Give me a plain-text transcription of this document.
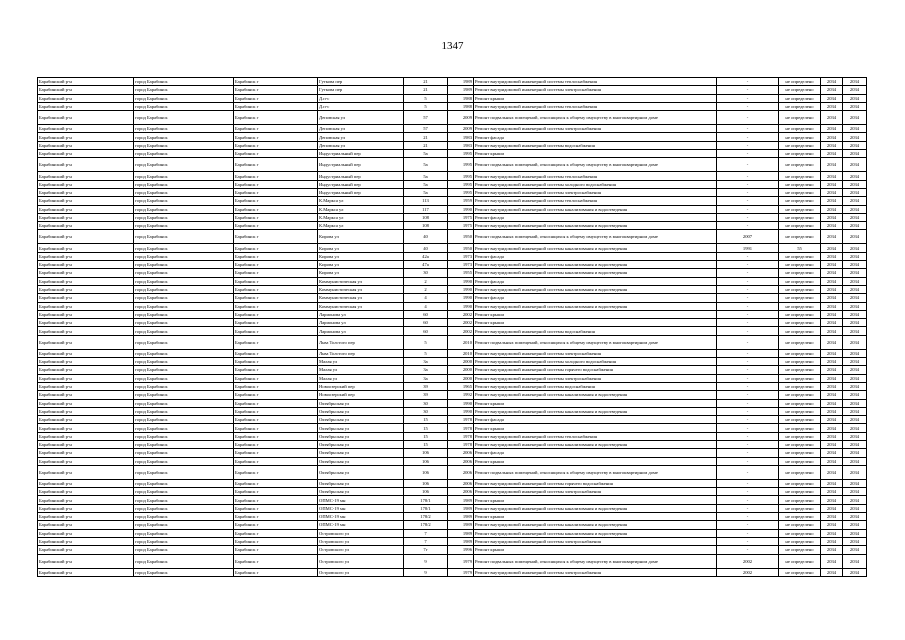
1347
Барабинский р-н	город Барабинск	Барабинск г	Гуткова пер	21	1989	Ремонт внутридомовой инженерной системы теплоснабжения	-	не определено	2034	2034
Барабинский р-н	город Барабинск	Барабинск г	Гуткова пер	21	1989	Ремонт внутридомовой инженерной системы электроснабжения	-	не определено	2034	2034
Барабинский р-н	город Барабинск	Барабинск г	Д.п-с	5	1988	Ремонт крыши	-	не определено	2034	2034
Барабинский р-н	город Барабинск	Барабинск г	Д.п-с	5	1988	Ремонт внутридомовой инженерной системы теплоснабжения	-	не определено	2034	2034
Барабинский р-н	город Барабинск	Барабинск г	Деповская ул	57	2009	Ремонт подвальных помещений, относящихся к общему имуществу в многоквартирном доме	-	не определено	2034	2034
Барабинский р-н	город Барабинск	Барабинск г	Деповская ул	57	2009	Ремонт внутридомовой инженерной системы электроснабжения	-	не определено	2034	2034
Барабинский р-н	город Барабинск	Барабинск г	Деповская ул	21	1983	Ремонт фасада	-	не определено	2034	2034
Барабинский р-н	город Барабинск	Барабинск г	Деповская ул	21	1983	Ремонт внутридомовой инженерной системы водоснабжения	-	не определено	2034	2034
Барабинский р-н	город Барабинск	Барабинск г	Индустриальный пер	5а	1995	Ремонт крыши	-	не определено	2034	2034
Барабинский р-н	город Барабинск	Барабинск г	Индустриальный пер	5а	1995	Ремонт подвальных помещений, относящихся к общему имуществу в многоквартирном доме	-	не определено	2034	2034
Барабинский р-н	город Барабинск	Барабинск г	Индустриальный пер	5а	1995	Ремонт внутридомовой инженерной системы теплоснабжения	-	не определено	2034	2034
Барабинский р-н	город Барабинск	Барабинск г	Индустриальный пер	5а	1995	Ремонт внутридомовой инженерной системы холодного водоснабжения	-	не определено	2034	2034
Барабинский р-н	город Барабинск	Барабинск г	Индустриальный пер	5а	1995	Ремонт внутридомовой инженерной системы электроснабжения	-	не определено	2034	2034
Барабинский р-н	город Барабинск	Барабинск г	К.Маркса ул	113	1959	Ремонт внутридомовой инженерной системы теплоснабжения	-	не определено	2034	2034
Барабинский р-н	город Барабинск	Барабинск г	К.Маркса ул	117	1990	Ремонт внутридомовой инженерной системы канализования и водоотведения	-	не определено	2034	2034
Барабинский р-н	город Барабинск	Барабинск г	К.Маркса ул	108	1975	Ремонт фасада	-	не определено	2034	2034
Барабинский р-н	город Барабинск	Барабинск г	К.Маркса ул	108	1975	Ремонт внутридомовой инженерной системы канализования и водоотведения	-	не определено	2034	2034
Барабинский р-н	город Барабинск	Барабинск г	Кирова ул	40	1950	Ремонт подвальных помещений, относящихся к общему имуществу в многоквартирном доме	2007	не определено	2034	2034
Барабинский р-н	город Барабинск	Барабинск г	Кирова ул	40	1950	Ремонт внутридомовой инженерной системы канализования и водоотведения	1991	55	2034	2034
Барабинский р-н	город Барабинск	Барабинск г	Кирова ул	42а	1973	Ремонт фасада	-	не определено	2034	2034
Барабинский р-н	город Барабинск	Барабинск г	Кирова ул	47а	1973	Ремонт внутридомовой инженерной системы канализования и водоотведения	-	не определено	2034	2034
Барабинский р-н	город Барабинск	Барабинск г	Кирова ул	30	1955	Ремонт внутридомовой инженерной системы канализования и водоотведения	-	не определено	2034	2034
Барабинский р-н	город Барабинск	Барабинск г	Коммунистическая ул	2	1990	Ремонт фасада	-	не определено	2034	2034
Барабинский р-н	город Барабинск	Барабинск г	Коммунистическая ул	2	1990	Ремонт внутридомовой инженерной системы канализования и водоотведения	-	не определено	2034	2034
Барабинский р-н	город Барабинск	Барабинск г	Коммунистическая ул	4	1990	Ремонт фасада	-	не определено	2034	2034
Барабинский р-н	город Барабинск	Барабинск г	Коммунистическая ул	4	1990	Ремонт внутридомовой инженерной системы канализования и водоотведения	-	не определено	2034	2034
Барабинский р-н	город Барабинск	Барабинск г	Ларионова ул	60	2002	Ремонт крыши	-	не определено	2034	2034
Барабинский р-н	город Барабинск	Барабинск г	Ларионова ул	60	2002	Ремонт крыши	-	не определено	2034	2034
Барабинский р-н	город Барабинск	Барабинск г	Ларионова ул	60	2002	Ремонт внутридомовой инженерной системы водоснабжения	-	не определено	2034	2034
Барабинский р-н	город Барабинск	Барабинск г	Льва Толстого пер	5	2010	Ремонт подвальных помещений, относящихся к общему имуществу в многоквартирном доме	-	не определено	2034	2034
Барабинский р-н	город Барабинск	Барабинск г	Льва Толстого пер	5	2010	Ремонт внутридомовой инженерной системы электроснабжения	-	не определено	2034	2034
Барабинский р-н	город Барабинск	Барабинск г	Малая ул	3а	2000	Ремонт внутридомовой инженерной системы холодного водоснабжения	-	не определено	2034	2034
Барабинский р-н	город Барабинск	Барабинск г	Малая ул	3а	2000	Ремонт внутридомовой инженерной системы горячего водоснабжения	-	не определено	2034	2034
Барабинский р-н	город Барабинск	Барабинск г	Малая ул	3а	2000	Ремонт внутридомовой инженерной системы электроснабжения	-	не определено	2034	2034
Барабинский р-н	город Барабинск	Барабинск г	Новоозерский пер	39	1965	Ремонт внутридомовой инженерной системы водоснабжения	-	не определено	2034	2034
Барабинский р-н	город Барабинск	Барабинск г	Новоозерский пер	39	1992	Ремонт внутридомовой инженерной системы канализования и водоотведения	-	не определено	2034	2034
Барабинский р-н	город Барабинск	Барабинск г	Октябрьская ул	30	1990	Ремонт крыши	-	не определено	2034	2034
Барабинский р-н	город Барабинск	Барабинск г	Октябрьская ул	30	1990	Ремонт внутридомовой инженерной системы канализования и водоотведения	-	не определено	2034	2034
Барабинский р-н	город Барабинск	Барабинск г	Октябрьская ул	15	1978	Ремонт фасада	-	не определено	2034	2034
Барабинский р-н	город Барабинск	Барабинск г	Октябрьская ул	15	1978	Ремонт крыши	-	не определено	2034	2034
Барабинский р-н	город Барабинск	Барабинск г	Октябрьская ул	15	1978	Ремонт внутридомовой инженерной системы теплоснабжения	-	не определено	2034	2034
Барабинский р-н	город Барабинск	Барабинск г	Октябрьская ул	15	1978	Ремонт внутридомовой инженерной системы канализования и водоотведения	-	не определено	2034	2034
Барабинский р-н	город Барабинск	Барабинск г	Октябрьская ул	106	2006	Ремонт фасада	-	не определено	2034	2034
Барабинский р-н	город Барабинск	Барабинск г	Октябрьская ул	106	2006	Ремонт крыши	-	не определено	2034	2034
Барабинский р-н	город Барабинск	Барабинск г	Октябрьская ул	106	2006	Ремонт подвальных помещений, относящихся к общему имуществу в многоквартирном доме	-	не определено	2034	2034
Барабинский р-н	город Барабинск	Барабинск г	Октябрьская ул	106	2006	Ремонт внутридомовой инженерной системы горячего водоснабжения	-	не определено	2034	2034
Барабинский р-н	город Барабинск	Барабинск г	Октябрьская ул	106	2006	Ремонт внутридомовой инженерной системы электроснабжения	-	не определено	2034	2034
Барабинский р-н	город Барабинск	Барабинск г	ОПМС-19 мн	178/1	1989	Ремонт крыши	-	не определено	2034	2034
Барабинский р-н	город Барабинск	Барабинск г	ОПМС-19 мн	178/1	1989	Ремонт внутридомовой инженерной системы канализования и водоотведения	-	не определено	2034	2034
Барабинский р-н	город Барабинск	Барабинск г	ОПМС-19 мн	178/2	1989	Ремонт крыши	-	не определено	2034	2034
Барабинский р-н	город Барабинск	Барабинск г	ОПМС-19 мн	178/2	1989	Ремонт внутридомовой инженерной системы канализования и водоотведения	-	не определено	2034	2034
Барабинский р-н	город Барабинск	Барабинск г	Островского ул	7	1989	Ремонт внутридомовой инженерной системы канализования и водоотведения	-	не определено	2034	2034
Барабинский р-н	город Барабинск	Барабинск г	Островского ул	7	1989	Ремонт внутридомовой инженерной системы электроснабжения	-	не определено	2034	2034
Барабинский р-н	город Барабинск	Барабинск г	Островского ул	7г	1996	Ремонт крыши	-	не определено	2034	2034
Барабинский р-н	город Барабинск	Барабинск г	Островского ул	9	1979	Ремонт подвальных помещений, относящихся к общему имуществу в многоквартирном доме	2002	не определено	2034	2034
Барабинский р-н	город Барабинск	Барабинск г	Островского ул	9	1979	Ремонт внутридомовой инженерной системы электроснабжения	2002	не определено	2034	2034
